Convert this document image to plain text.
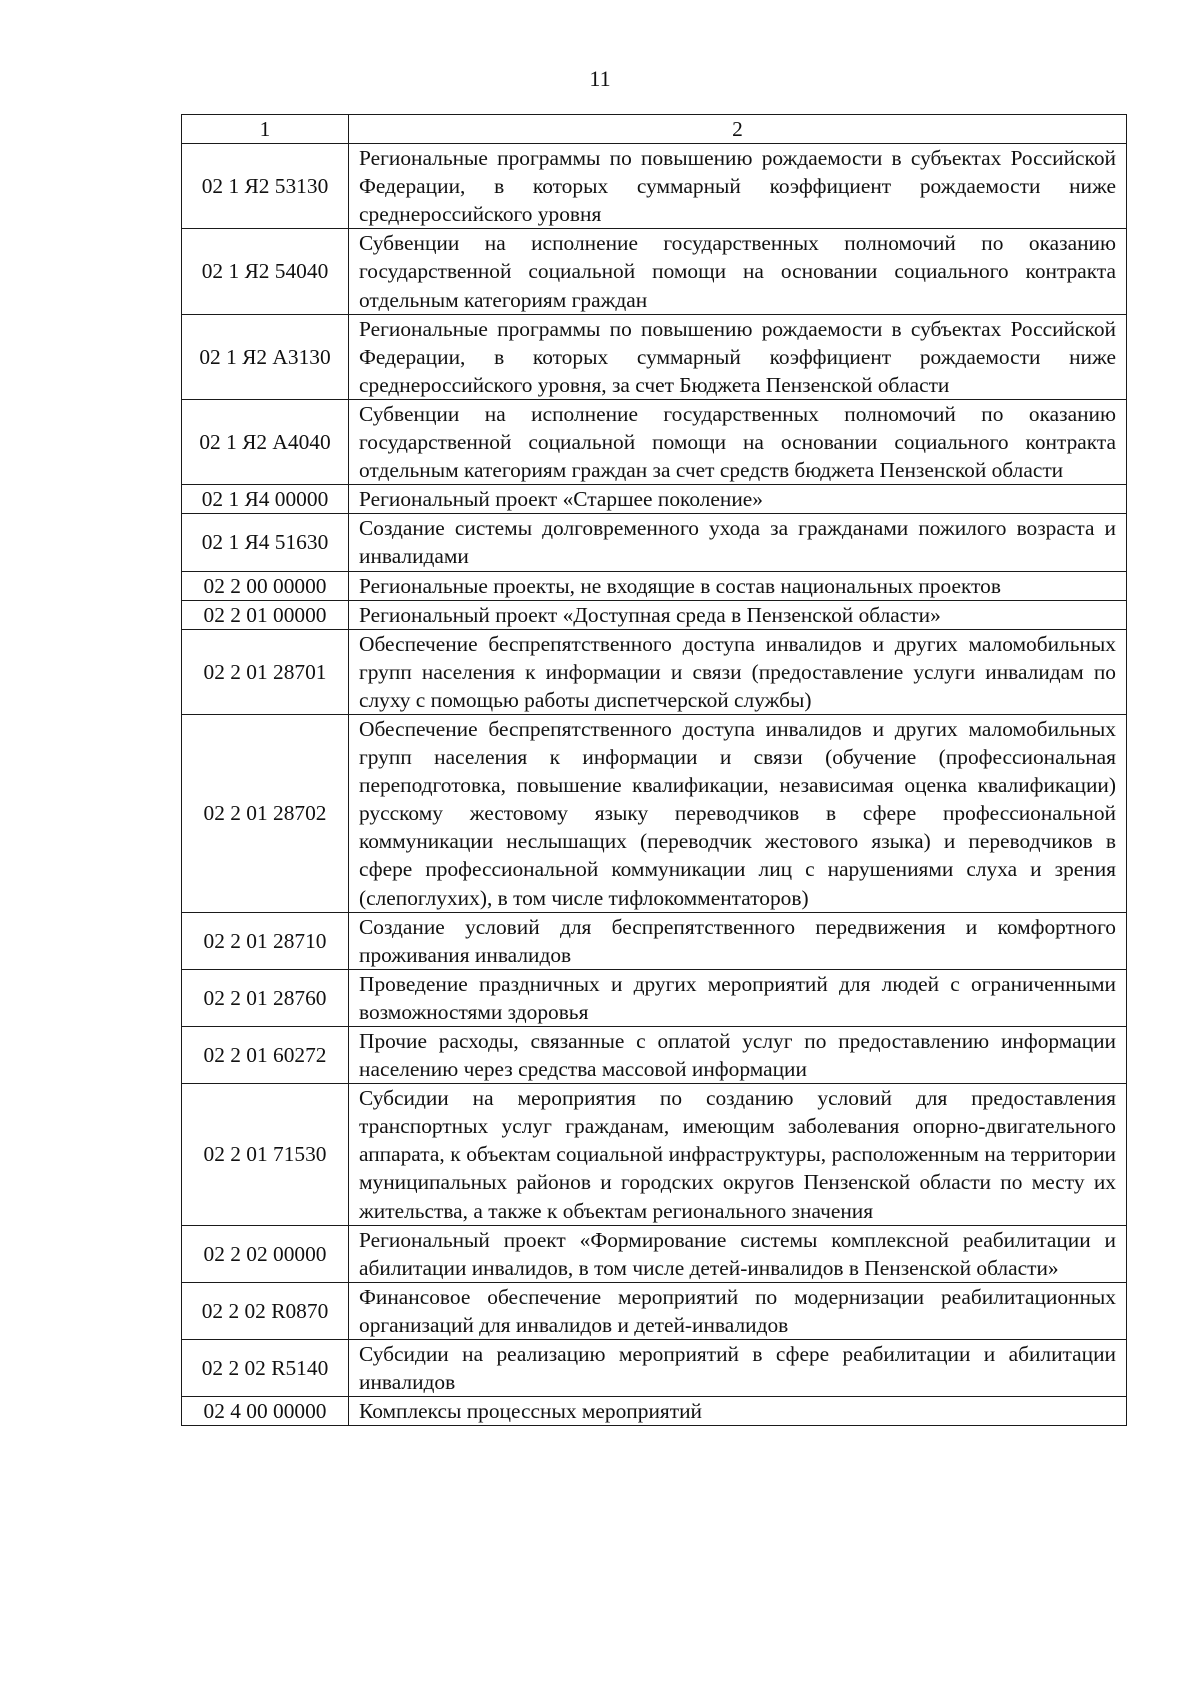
11
1	2
02 1 Я2 53130	Региональные программы по повышению рождаемости в субъектах Российской Федерации, в которых суммарный коэффициент рождаемости ниже среднероссийского уровня
02 1 Я2 54040	Субвенции на исполнение государственных полномочий по оказанию государственной социальной помощи на основании социального контракта отдельным категориям граждан
02 1 Я2 А3130	Региональные программы по повышению рождаемости в субъектах Российской Федерации, в которых суммарный коэффициент рождаемости ниже среднероссийского уровня, за счет Бюджета Пензенской области
02 1 Я2 А4040	Субвенции на исполнение государственных полномочий по оказанию государственной социальной помощи на основании социального контракта отдельным категориям граждан за счет средств бюджета Пензенской области
02 1 Я4 00000	Региональный проект «Старшее поколение»
02 1 Я4 51630	Создание системы долговременного ухода за гражданами пожилого возраста и инвалидами
02 2 00 00000	Региональные проекты, не входящие в состав национальных проектов
02 2 01 00000	Региональный проект «Доступная среда в Пензенской области»
02 2 01 28701	Обеспечение беспрепятственного доступа инвалидов и других маломобильных групп населения к информации и связи (предоставление услуги инвалидам по слуху с помощью работы диспетчерской службы)
02 2 01 28702	Обеспечение беспрепятственного доступа инвалидов и других маломобильных групп населения к информации и связи (обучение (профессиональная переподготовка, повышение квалификации, независимая оценка квалификации) русскому жестовому языку переводчиков в сфере профессиональной коммуникации неслышащих (переводчик жестового языка) и переводчиков в сфере профессиональной коммуникации лиц с нарушениями слуха и зрения (слепоглухих), в том числе тифлокомментаторов)
02 2 01 28710	Создание условий для беспрепятственного передвижения и комфортного проживания инвалидов
02 2 01 28760	Проведение праздничных и других мероприятий для людей с ограниченными возможностями здоровья
02 2 01 60272	Прочие расходы, связанные с оплатой услуг по предоставлению информации населению через средства массовой информации
02 2 01 71530	Субсидии на мероприятия по созданию условий для предоставления транспортных услуг гражданам, имеющим заболевания опорно-двигательного аппарата, к объектам социальной инфраструктуры, расположенным на территории муниципальных районов и городских округов Пензенской области по месту их жительства, а также к объектам регионального значения
02 2 02 00000	Региональный проект «Формирование системы комплексной реабилитации и абилитации инвалидов, в том числе детей-инвалидов в Пензенской области»
02 2 02 R0870	Финансовое обеспечение мероприятий по модернизации реабилитационных организаций для инвалидов и детей-инвалидов
02 2 02 R5140	Субсидии на реализацию мероприятий в сфере реабилитации и абилитации инвалидов
02 4 00 00000	Комплексы процессных мероприятий
